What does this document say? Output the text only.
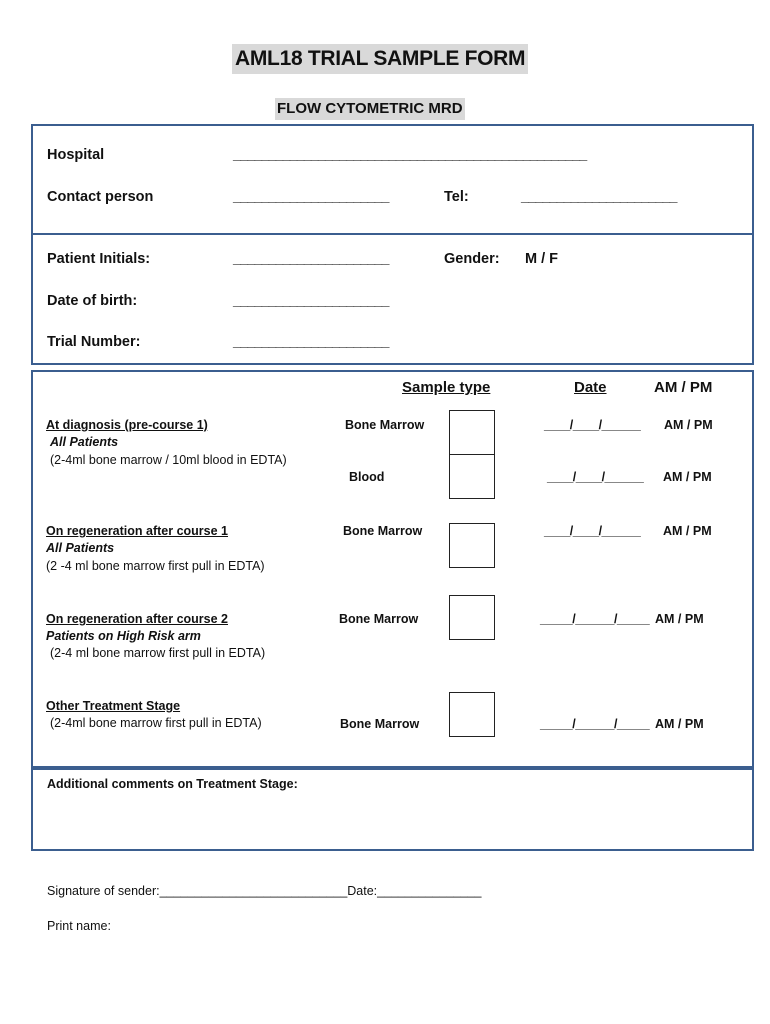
AML18 TRIAL SAMPLE FORM
FLOW CYTOMETRIC MRD
Hospital	__________________________________________________
Contact person	______________________	Tel:	______________________
Patient Initials:	______________________	Gender: M / F
Date of birth:	______________________
Trial Number:	______________________
Sample type	Date	AM / PM
At diagnosis (pre-course 1)
All Patients
(2-4ml bone marrow / 10ml blood in EDTA)
Bone Marrow	____/____/______ AM / PM
Blood	____/____/______ AM / PM
On regeneration after course 1
All Patients
(2 -4 ml bone marrow first pull in EDTA)
Bone Marrow	____/____/______ AM / PM
On regeneration after course 2
Patients on High Risk arm
(2-4 ml bone marrow first pull in EDTA)
Bone Marrow	_____/______/_____ AM / PM
Other Treatment Stage
(2-4ml bone marrow first pull in EDTA)	Bone Marrow	_____/______/_____ AM / PM
Additional comments on Treatment Stage:
Signature of sender:___________________________Date:_______________
Print name:
